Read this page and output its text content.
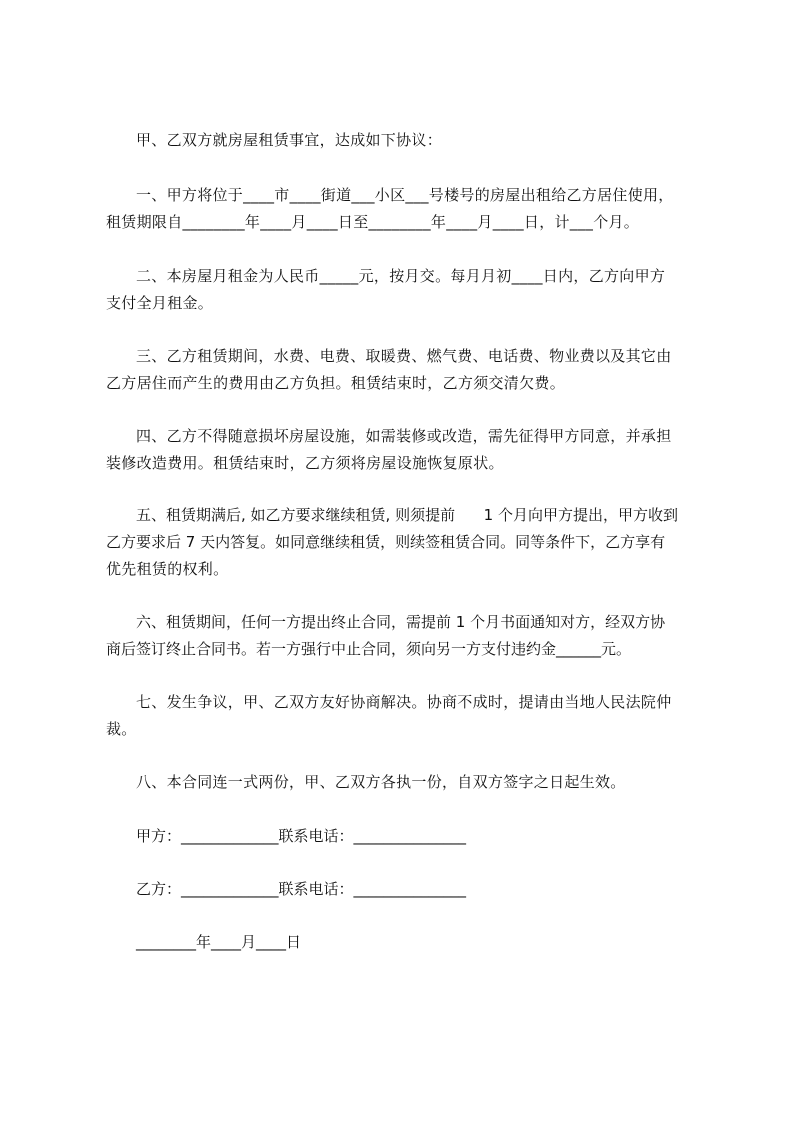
甲、乙双方就房屋租赁事宜，达成如下协议：
一、甲方将位于____市____街道___小区___号楼号的房屋出租给乙方居住使用，
租赁期限自________年____月____日至________年____月____日，计___个月。
二、本房屋月租金为人民币_____元，按月交。每月月初____日内，乙方向甲方
支付全月租金。
三、乙方租赁期间，水费、电费、取暖费、燃气费、电话费、物业费以及其它由
乙方居住而产生的费用由乙方负担。租赁结束时，乙方须交清欠费。
四、乙方不得随意损坏房屋设施，如需装修或改造，需先征得甲方同意，并承担
装修改造费用。租赁结束时，乙方须将房屋设施恢复原状。
五、租赁期满后, 如乙方要求继续租赁, 则须提前      1 个月向甲方提出，甲方收到
乙方要求后 7 天内答复。如同意继续租赁，则续签租赁合同。同等条件下，乙方享有
优先租赁的权利。
六、租赁期间，任何一方提出终止合同，需提前 1 个月书面通知对方，经双方协
商后签订终止合同书。若一方强行中止合同，须向另一方支付违约金______元。
七、发生争议，甲、乙双方友好协商解决。协商不成时，提请由当地人民法院仲
裁。
八、本合同连一式两份，甲、乙双方各执一份，自双方签字之日起生效。
甲方：_____________联系电话：_______________
乙方：_____________联系电话：_______________
________年____月____日
